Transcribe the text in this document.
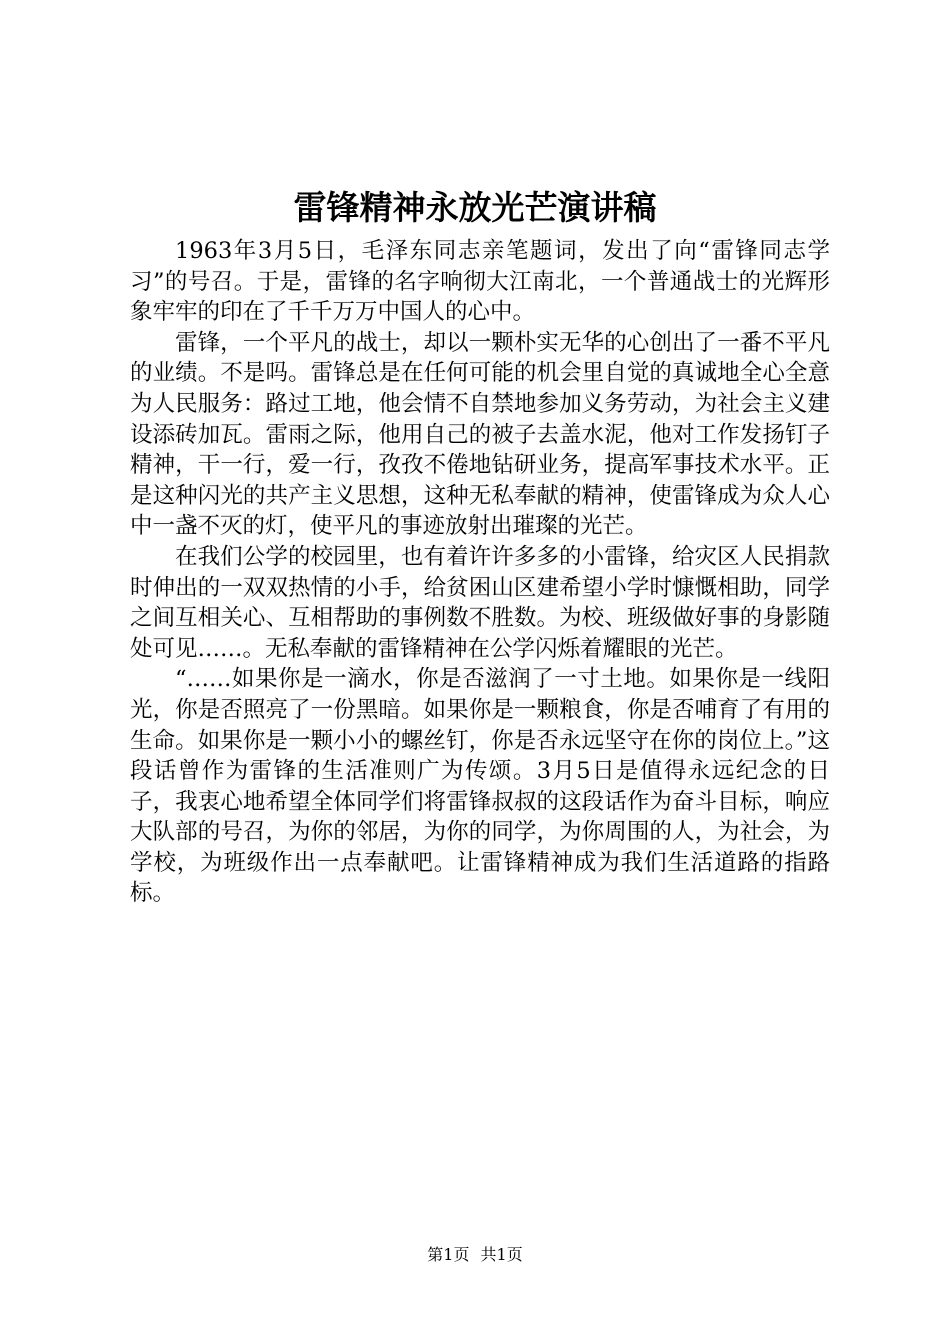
雷锋精神永放光芒演讲稿

1963年3月5日，毛泽东同志亲笔题词，发出了向“雷锋同志学习”的号召。于是，雷锋的名字响彻大江南北，一个普通战士的光辉形象牢牢的印在了千千万万中国人的心中。

雷锋，一个平凡的战士，却以一颗朴实无华的心创出了一番不平凡的业绩。不是吗。雷锋总是在任何可能的机会里自觉的真诚地全心全意为人民服务：路过工地，他会情不自禁地参加义务劳动，为社会主义建设添砖加瓦。雷雨之际，他用自己的被子去盖水泥，他对工作发扬钉子精神，干一行，爱一行，孜孜不倦地钻研业务，提高军事技术水平。正是这种闪光的共产主义思想，这种无私奉献的精神，使雷锋成为众人心中一盏不灭的灯，使平凡的事迹放射出璀璨的光芒。

在我们公学的校园里，也有着许许多多的小雷锋，给灾区人民捐款时伸出的一双双热情的小手，给贫困山区建希望小学时慷慨相助，同学之间互相关心、互相帮助的事例数不胜数。为校、班级做好事的身影随处可见……。无私奉献的雷锋精神在公学闪烁着耀眼的光芒。

“……如果你是一滴水，你是否滋润了一寸土地。如果你是一线阳光，你是否照亮了一份黑暗。如果你是一颗粮食，你是否哺育了有用的生命。如果你是一颗小小的螺丝钉，你是否永远坚守在你的岗位上。”这段话曾作为雷锋的生活准则广为传颂。3月5日是值得永远纪念的日子，我衷心地希望全体同学们将雷锋叔叔的这段话作为奋斗目标，响应大队部的号召，为你的邻居，为你的同学，为你周围的人，为社会，为学校，为班级作出一点奉献吧。让雷锋精神成为我们生活道路的指路标。

第1页 共1页
